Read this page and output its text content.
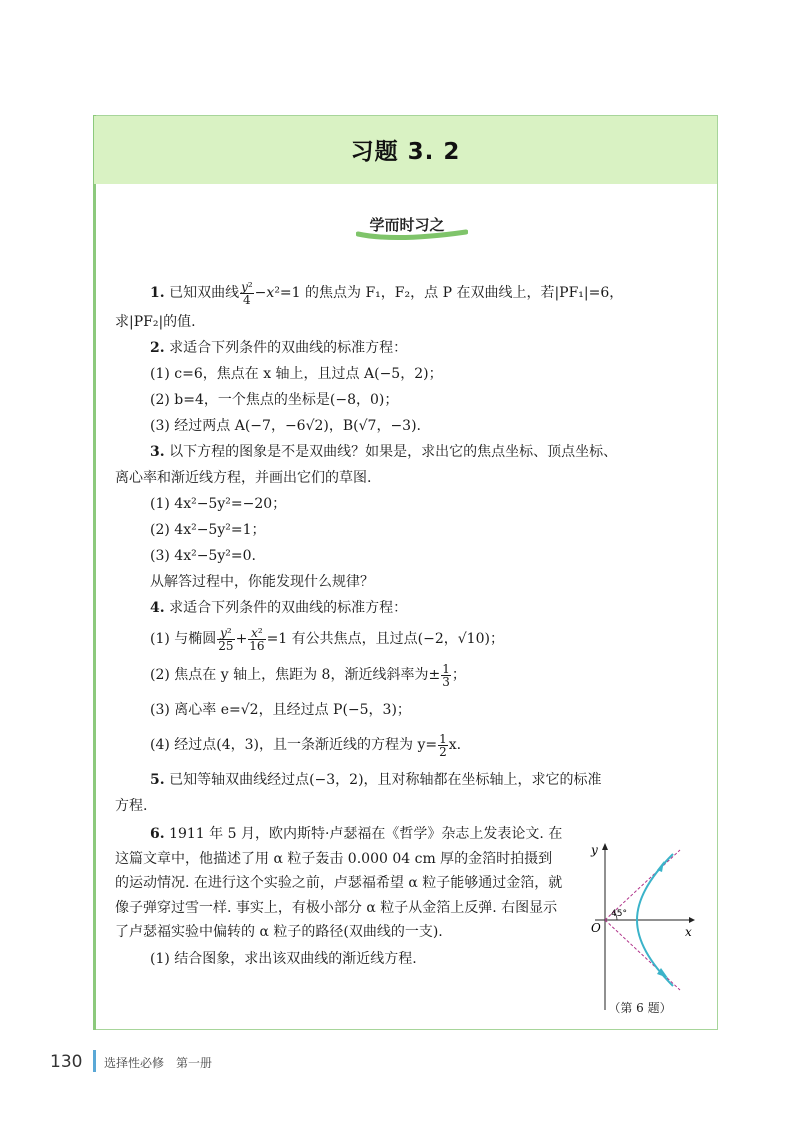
习题 3. 2
学而时习之
1. 已知双曲线 $\frac{\text{y²}}{4} -x^2=1$ 的焦点为 F₁，F₂，点 P 在双曲线上，若|PF₁|=6，
求|PF₂|的值.
2. 求适合下列条件的双曲线的标准方程：
(1) c=6，焦点在 x 轴上，且过点 A(−5，2)；
(2) b=4，一个焦点的坐标是(−8，0)；
(3) 经过两点 A(−7，−6√2)，B(√7，−3).
3. 以下方程的图象是不是双曲线？如果是，求出它的焦点坐标、顶点坐标、
离心率和渐近线方程，并画出它们的草图.
(1) 4x²−5y²=−20；
(2) 4x²−5y²=1；
(3) 4x²−5y²=0.
从解答过程中，你能发现什么规律？
4. 求适合下列条件的双曲线的标准方程：
(1) 与椭圆 $\frac{\text{y²}}{25} + \frac{\text{x²}}{16} =1$ 有公共焦点，且过点(−2，√10)；
(2) 焦点在 y 轴上，焦距为 8，渐近线斜率为± $\frac{1}{3}$ ；
(3) 离心率 e=√2，且经过点 P(−5，3)；
(4) 经过点(4，3)，且一条渐近线的方程为 $y= \frac{1}{2} x$.
5. 已知等轴双曲线经过点(−3，2)，且对称轴都在坐标轴上，求它的标准
方程.
6. 1911 年 5 月，欧内斯特·卢瑟福在《哲学》杂志上发表论文. 在这篇文章中，他描述了用 α 粒子轰击 0.000 04 cm 厚的金箔时拍摄到的运动情况. 在进行这个实验之前，卢瑟福希望 α 粒子能够通过金箔，就像子弹穿过雪一样. 事实上，有极小部分 α 粒子从金箔上反弹. 右图显示了卢瑟福实验中偏转的 α 粒子的路径(双曲线的一支).
(1) 结合图象，求出该双曲线的渐近线方程.
y
x
O
45°
（第 6 题）
130 选择性必修　第一册
